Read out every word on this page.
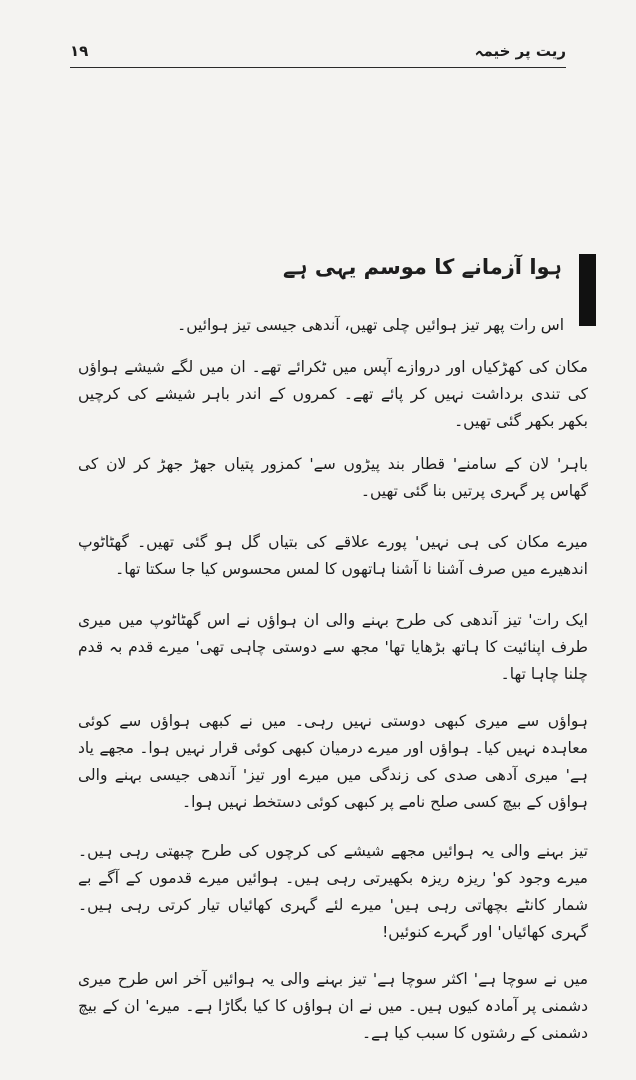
ریت پر خیمہ
۱۹
ہوا آزمانے کا موسم یہی ہے

اس رات پھر تیز ہوائیں چلی تھیں، آندھی جیسی تیز ہوائیں۔

مکان کی کھڑکیاں اور دروازے آپس میں ٹکرائے تھے۔ ان میں لگے شیشے ہواؤں کی تندی برداشت نہیں کر پائے تھے۔ کمروں کے اندر باہر شیشے کی کرچیں بکھر بکھر گئی تھیں۔

باہر' لان کے سامنے' قطار بند پیڑوں سے' کمزور پتیاں جھڑ جھڑ کر لان کی گھاس پر گہری پرتیں بنا گئی تھیں۔

میرے مکان کی ہی نہیں' پورے علاقے کی بتیاں گل ہو گئی تھیں۔ گھٹاٹوپ اندھیرے میں صرف آشنا نا آشنا ہاتھوں کا لمس محسوس کیا جا سکتا تھا۔

ایک رات' تیز آندھی کی طرح بہنے والی ان ہواؤں نے اس گھٹاٹوپ میں میری طرف اپنائیت کا ہاتھ بڑھایا تھا' مجھ سے دوستی چاہی تھی' میرے قدم بہ قدم چلنا چاہا تھا۔

ہواؤں سے میری کبھی دوستی نہیں رہی۔ میں نے کبھی ہواؤں سے کوئی معاہدہ نہیں کیا۔ ہواؤں اور میرے درمیان کبھی کوئی قرار نہیں ہوا۔ مجھے یاد ہے' میری آدھی صدی کی زندگی میں میرے اور تیز' آندھی جیسی بہنے والی ہواؤں کے بیچ کسی صلح نامے پر کبھی کوئی دستخط نہیں ہوا۔

تیز بہنے والی یہ ہوائیں مجھے شیشے کی کرچوں کی طرح چبھتی رہی ہیں۔ میرے وجود کو' ریزہ ریزہ بکھیرتی رہی ہیں۔ ہوائیں میرے قدموں کے آگے بے شمار کانٹے بچھاتی رہی ہیں' میرے لئے گہری کھائیاں تیار کرتی رہی ہیں۔ گہری کھائیاں' اور گہرے کنوئیں!

میں نے سوچا ہے' اکثر سوچا ہے' تیز بہنے والی یہ ہوائیں آخر اس طرح میری دشمنی پر آمادہ کیوں ہیں۔ میں نے ان ہواؤں کا کیا بگاڑا ہے۔ میرے' ان کے بیچ دشمنی کے رشتوں کا سبب کیا ہے۔
